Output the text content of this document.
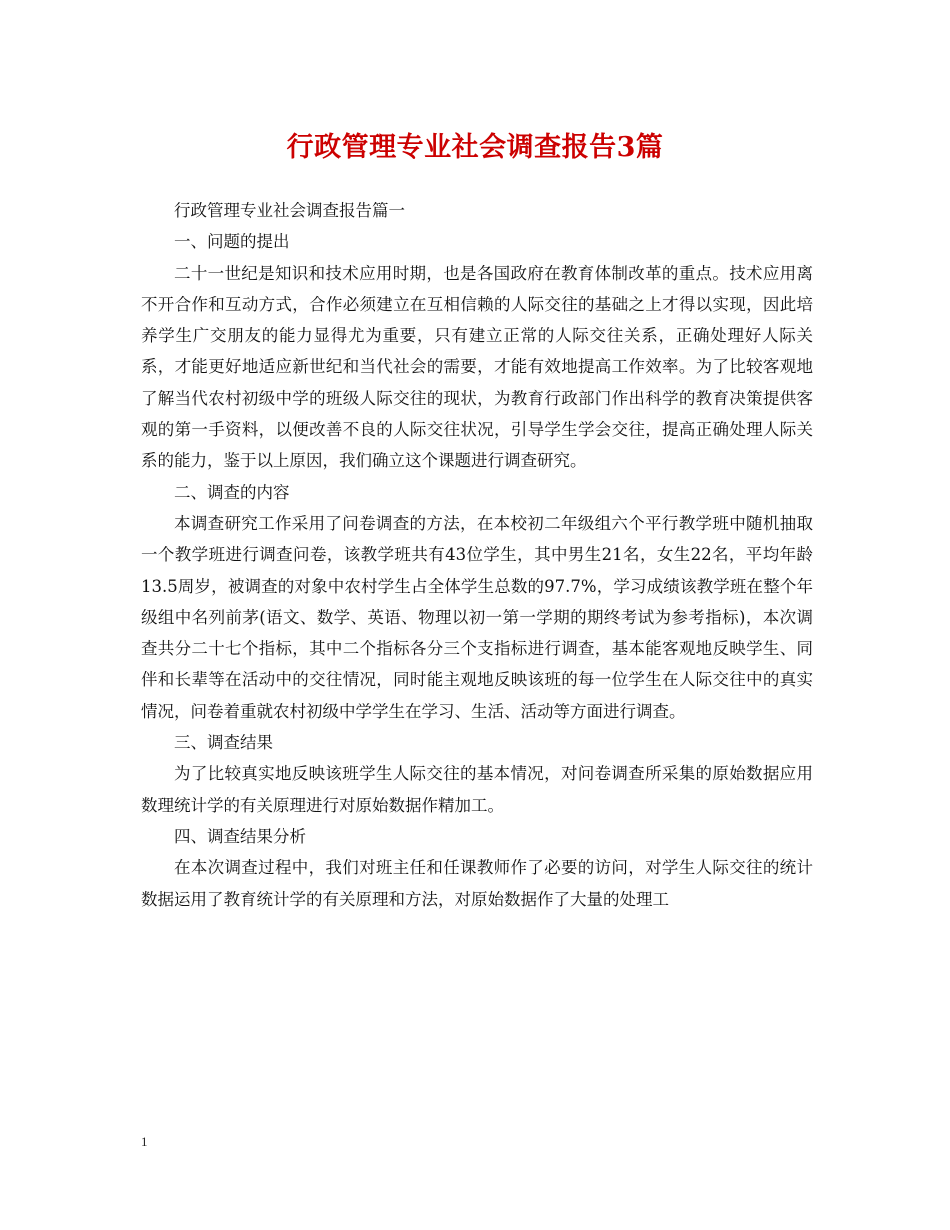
行政管理专业社会调查报告3篇

行政管理专业社会调查报告篇一

一、问题的提出

二十一世纪是知识和技术应用时期，也是各国政府在教育体制改革的重点。技术应用离不开合作和互动方式，合作必须建立在互相信赖的人际交往的基础之上才得以实现，因此培养学生广交朋友的能力显得尤为重要，只有建立正常的人际交往关系，正确处理好人际关系，才能更好地适应新世纪和当代社会的需要，才能有效地提高工作效率。为了比较客观地了解当代农村初级中学的班级人际交往的现状，为教育行政部门作出科学的教育决策提供客观的第一手资料，以便改善不良的人际交往状况，引导学生学会交往，提高正确处理人际关系的能力，鉴于以上原因，我们确立这个课题进行调查研究。

二、调查的内容

本调查研究工作采用了问卷调查的方法，在本校初二年级组六个平行教学班中随机抽取一个教学班进行调查问卷，该教学班共有43位学生，其中男生21名，女生22名，平均年龄13.5周岁，被调查的对象中农村学生占全体学生总数的97.7%，学习成绩该教学班在整个年级组中名列前茅(语文、数学、英语、物理以初一第一学期的期终考试为参考指标)，本次调查共分二十七个指标，其中二个指标各分三个支指标进行调查，基本能客观地反映学生、同伴和长辈等在活动中的交往情况，同时能主观地反映该班的每一位学生在人际交往中的真实情况，问卷着重就农村初级中学学生在学习、生活、活动等方面进行调查。

三、调查结果

为了比较真实地反映该班学生人际交往的基本情况，对问卷调查所采集的原始数据应用数理统计学的有关原理进行对原始数据作精加工。

四、调查结果分析

在本次调查过程中，我们对班主任和任课教师作了必要的访问，对学生人际交往的统计数据运用了教育统计学的有关原理和方法，对原始数据作了大量的处理工

1
